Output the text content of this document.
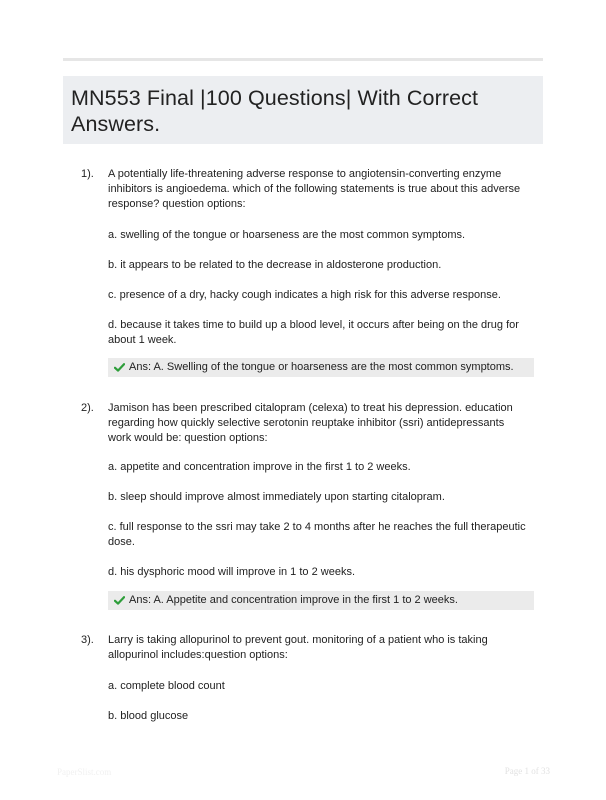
MN553 Final |100 Questions| With Correct
Answers.
1). A potentially life-threatening adverse response to angiotensin-converting enzyme inhibitors is angioedema. which of the following statements is true about this adverse response? question options:

a. swelling of the tongue or hoarseness are the most common symptoms.

b. it appears to be related to the decrease in aldosterone production.

c. presence of a dry, hacky cough indicates a high risk for this adverse response.

d. because it takes time to build up a blood level, it occurs after being on the drug for about 1 week.

Ans: A. Swelling of the tongue or hoarseness are the most common symptoms.
2). Jamison has been prescribed citalopram (celexa) to treat his depression. education regarding how quickly selective serotonin reuptake inhibitor (ssri) antidepressants work would be: question options:

a. appetite and concentration improve in the first 1 to 2 weeks.

b. sleep should improve almost immediately upon starting citalopram.

c. full response to the ssri may take 2 to 4 months after he reaches the full therapeutic dose.

d. his dysphoric mood will improve in 1 to 2 weeks.

Ans: A. Appetite and concentration improve in the first 1 to 2 weeks.
3). Larry is taking allopurinol to prevent gout. monitoring of a patient who is taking allopurinol includes:question options:

a. complete blood count

b. blood glucose

PaperSlist.com	Page 1 of 33
